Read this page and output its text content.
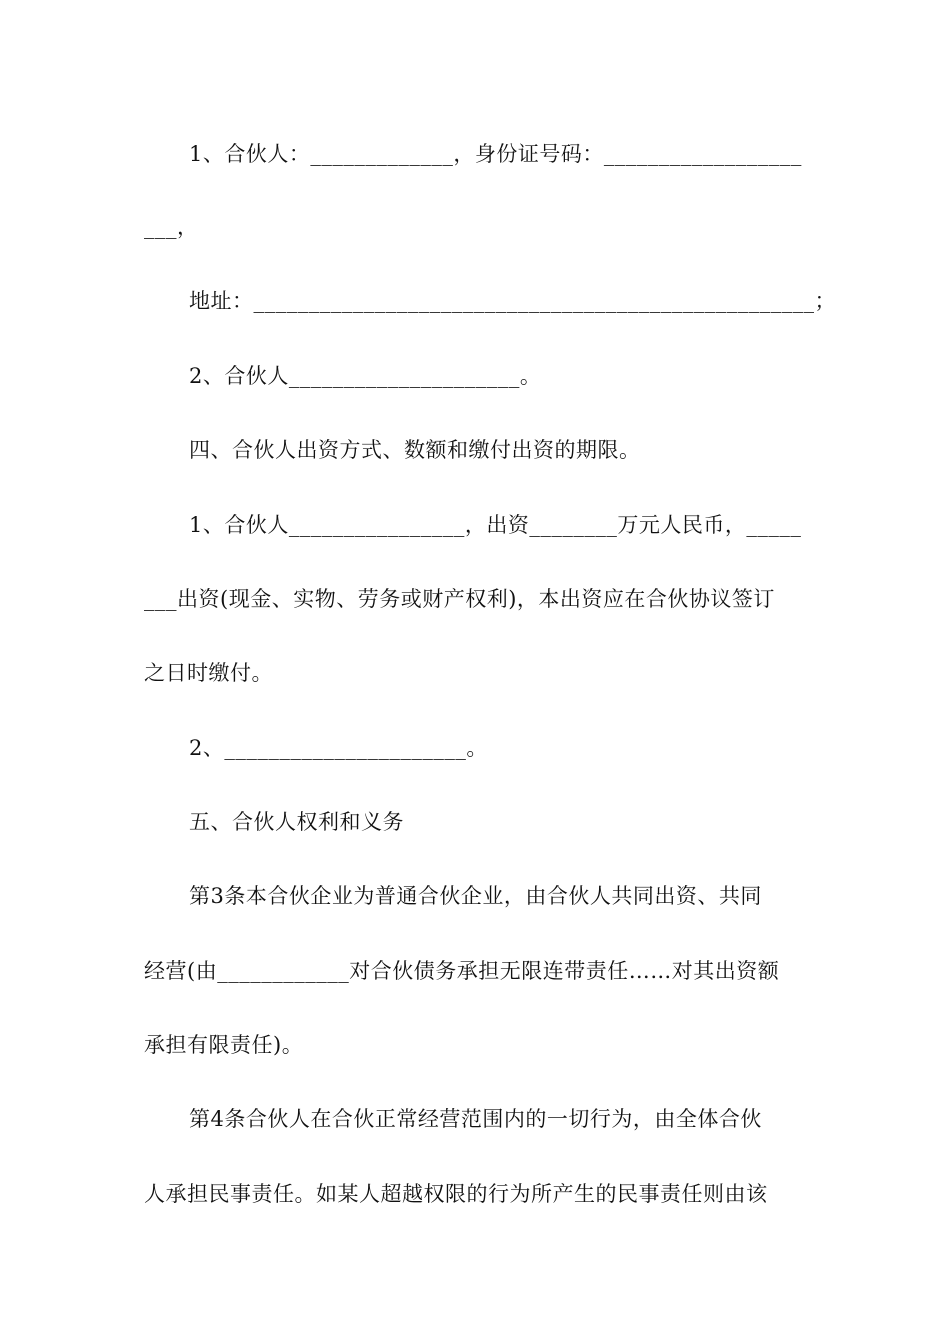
1、合伙人：_____________，身份证号码：__________________
___，
地址：___________________________________________________；
2、合伙人_____________________。
四、合伙人出资方式、数额和缴付出资的期限。
1、合伙人________________，出资________万元人民币，_____
___出资(现金、实物、劳务或财产权利)，本出资应在合伙协议签订
之日时缴付。
2、______________________。
五、合伙人权利和义务
第3条本合伙企业为普通合伙企业，由合伙人共同出资、共同
经营(由____________对合伙债务承担无限连带责任……对其出资额
承担有限责任)。
第4条合伙人在合伙正常经营范围内的一切行为，由全体合伙
人承担民事责任。如某人超越权限的行为所产生的民事责任则由该
